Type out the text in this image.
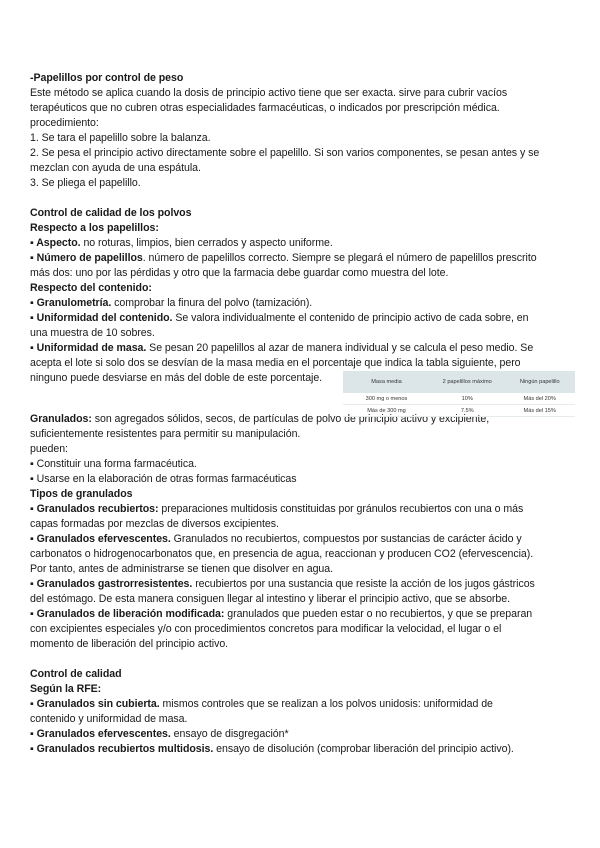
-Papelillos por control de peso
Este método se aplica cuando la dosis de principio activo tiene que ser exacta. sirve para cubrir vacíos
terapéuticos que no cubren otras especialidades farmacéuticas, o indicados por prescripción médica.
procedimiento:
1. Se tara el papelillo sobre la balanza.
2. Se pesa el principio activo directamente sobre el papelillo. Si son varios componentes, se pesan antes y se
mezclan con ayuda de una espátula.
3. Se pliega el papelillo.
Control de calidad de los polvos
Respecto a los papelillos:
▪ Aspecto. no roturas, limpios, bien cerrados y aspecto uniforme.
▪ Número de papelillos. número de papelillos correcto. Siempre se plegará el número de papelillos prescrito
más dos: uno por las pérdidas y otro que la farmacia debe guardar como muestra del lote.
Respecto del contenido:
▪ Granulometría. comprobar la finura del polvo (tamización).
▪ Uniformidad del contenido. Se valora individualmente el contenido de principio activo de cada sobre, en
una muestra de 10 sobres.
▪ Uniformidad de masa. Se pesan 20 papelillos al azar de manera individual y se calcula el peso medio. Se
acepta el lote si solo dos se desvían de la masa media en el porcentaje que indica la tabla siguiente, pero
ninguno puede desviarse en más del doble de este porcentaje.
Granulados: son agregados sólidos, secos, de partículas de polvo de principio activo y excipiente,
suficientemente resistentes para permitir su manipulación.
pueden:
▪ Constituir una forma farmacéutica.
▪ Usarse en la elaboración de otras formas farmacéuticas
Tipos de granulados
▪ Granulados recubiertos: preparaciones multidosis constituidas por gránulos recubiertos con una o más
capas formadas por mezclas de diversos excipientes.
▪ Granulados efervescentes. Granulados no recubiertos, compuestos por sustancias de carácter ácido y
carbonatos o hidrogenocarbonatos que, en presencia de agua, reaccionan y producen CO2 (efervescencia).
Por tanto, antes de administrarse se tienen que disolver en agua.
▪ Granulados gastrorresistentes. recubiertos por una sustancia que resiste la acción de los jugos gástricos
del estómago. De esta manera consiguen llegar al intestino y liberar el principio activo, que se absorbe.
▪ Granulados de liberación modificada: granulados que pueden estar o no recubiertos, y que se preparan
con excipientes especiales y/o con procedimientos concretos para modificar la velocidad, el lugar o el
momento de liberación del principio activo.
Control de calidad
Según la RFE:
▪ Granulados sin cubierta. mismos controles que se realizan a los polvos unidosis: uniformidad de
contenido y uniformidad de masa.
▪ Granulados efervescentes. ensayo de disgregación*
▪ Granulados recubiertos multidosis. ensayo de disolución (comprobar liberación del principio activo).
Masa media	2 papelillos máximo	Ningún papelillo
300 mg o menos	10%	Más del 20%
Más de 300 mg	7.5%	Más del 15%
